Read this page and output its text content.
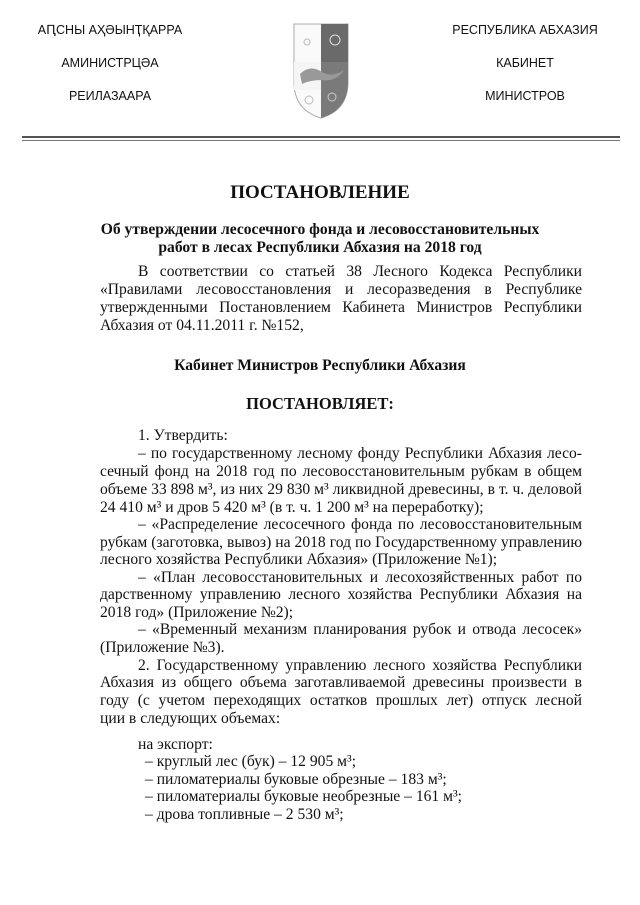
АԤСНЫ АҲӘЫНҬҚАРРА
АМИНИСТРЦӘА
РЕИЛАЗААРА
РЕСПУБЛИКА АБХАЗИЯ
КАБИНЕТ
МИНИСТРОВ
ПОСТАНОВЛЕНИЕ
Об утверждении лесосечного фонда и лесовосстановительных
работ в лесах Республики Абхазия на 2018 год
В соответствии со статьей 38 Лесного Кодекса Республики
«Правилами лесовосстановления и лесоразведения в Республике
утвержденными Постановлением Кабинета Министров Республики
Абхазия от 04.11.2011 г. №152,
Кабинет Министров Республики Абхазия
ПОСТАНОВЛЯЕТ:
1. Утвердить:
– по государственному лесному фонду Республики Абхазия лесо-
сечный фонд на 2018 год по лесовосстановительным рубкам в общем
объеме 33 898 м³, из них 29 830 м³ ликвидной древесины, в т. ч. деловой
24 410 м³ и дров 5 420 м³ (в т. ч. 1 200 м³ на переработку);
– «Распределение лесосечного фонда по лесовосстановительным
рубкам (заготовка, вывоз) на 2018 год по Государственному управлению
лесного хозяйства Республики Абхазия» (Приложение №1);
– «План лесовосстановительных и лесохозяйственных работ по
дарственному управлению лесного хозяйства Республики Абхазия на
2018 год» (Приложение №2);
– «Временный механизм планирования рубок и отвода лесосек»
(Приложение №3).
2. Государственному управлению лесного хозяйства Республики
Абхазия из общего объема заготавливаемой древесины произвести в
году (с учетом переходящих остатков прошлых лет) отпуск лесной
ции в следующих объемах:
на экспорт:
– круглый лес (бук) – 12 905 м³;
– пиломатериалы буковые обрезные – 183 м³;
– пиломатериалы буковые необрезные – 161 м³;
– дрова топливные – 2 530 м³;
